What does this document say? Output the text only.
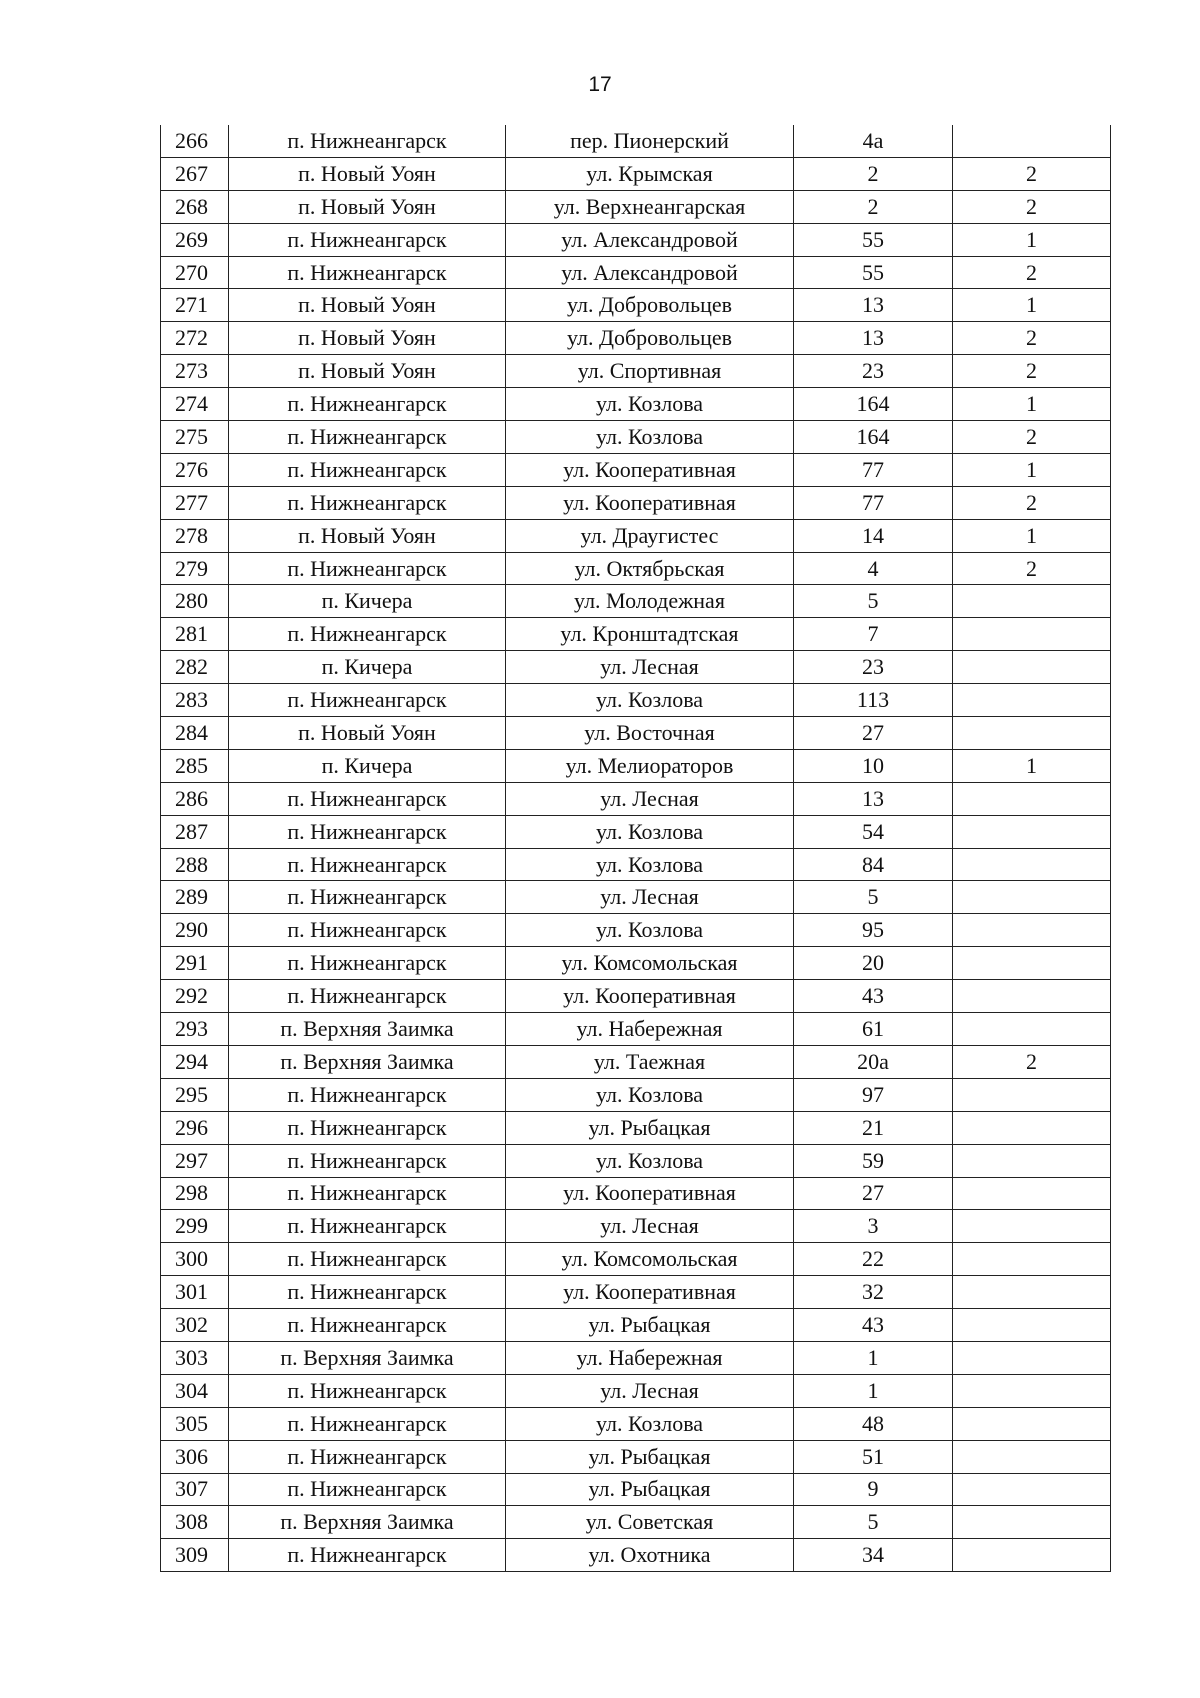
17
266	п. Нижнеангарск	пер. Пионерский	4а	
267	п. Новый Уоян	ул. Крымская	2	2
268	п. Новый Уоян	ул. Верхнеангарская	2	2
269	п. Нижнеангарск	ул. Александровой	55	1
270	п. Нижнеангарск	ул. Александровой	55	2
271	п. Новый Уоян	ул. Добровольцев	13	1
272	п. Новый Уоян	ул. Добровольцев	13	2
273	п. Новый Уоян	ул. Спортивная	23	2
274	п. Нижнеангарск	ул. Козлова	164	1
275	п. Нижнеангарск	ул. Козлова	164	2
276	п. Нижнеангарск	ул. Кооперативная	77	1
277	п. Нижнеангарск	ул. Кооперативная	77	2
278	п. Новый Уоян	ул. Драугистес	14	1
279	п. Нижнеангарск	ул. Октябрьская	4	2
280	п. Кичера	ул. Молодежная	5	
281	п. Нижнеангарск	ул. Кронштадтская	7	
282	п. Кичера	ул. Лесная	23	
283	п. Нижнеангарск	ул. Козлова	113	
284	п. Новый Уоян	ул. Восточная	27	
285	п. Кичера	ул. Мелиораторов	10	1
286	п. Нижнеангарск	ул. Лесная	13	
287	п. Нижнеангарск	ул. Козлова	54	
288	п. Нижнеангарск	ул. Козлова	84	
289	п. Нижнеангарск	ул. Лесная	5	
290	п. Нижнеангарск	ул. Козлова	95	
291	п. Нижнеангарск	ул. Комсомольская	20	
292	п. Нижнеангарск	ул. Кооперативная	43	
293	п. Верхняя Заимка	ул. Набережная	61	
294	п. Верхняя Заимка	ул. Таежная	20а	2
295	п. Нижнеангарск	ул. Козлова	97	
296	п. Нижнеангарск	ул. Рыбацкая	21	
297	п. Нижнеангарск	ул. Козлова	59	
298	п. Нижнеангарск	ул. Кооперативная	27	
299	п. Нижнеангарск	ул. Лесная	3	
300	п. Нижнеангарск	ул. Комсомольская	22	
301	п. Нижнеангарск	ул. Кооперативная	32	
302	п. Нижнеангарск	ул. Рыбацкая	43	
303	п. Верхняя Заимка	ул. Набережная	1	
304	п. Нижнеангарск	ул. Лесная	1	
305	п. Нижнеангарск	ул. Козлова	48	
306	п. Нижнеангарск	ул. Рыбацкая	51	
307	п. Нижнеангарск	ул. Рыбацкая	9	
308	п. Верхняя Заимка	ул. Советская	5	
309	п. Нижнеангарск	ул. Охотника	34	
